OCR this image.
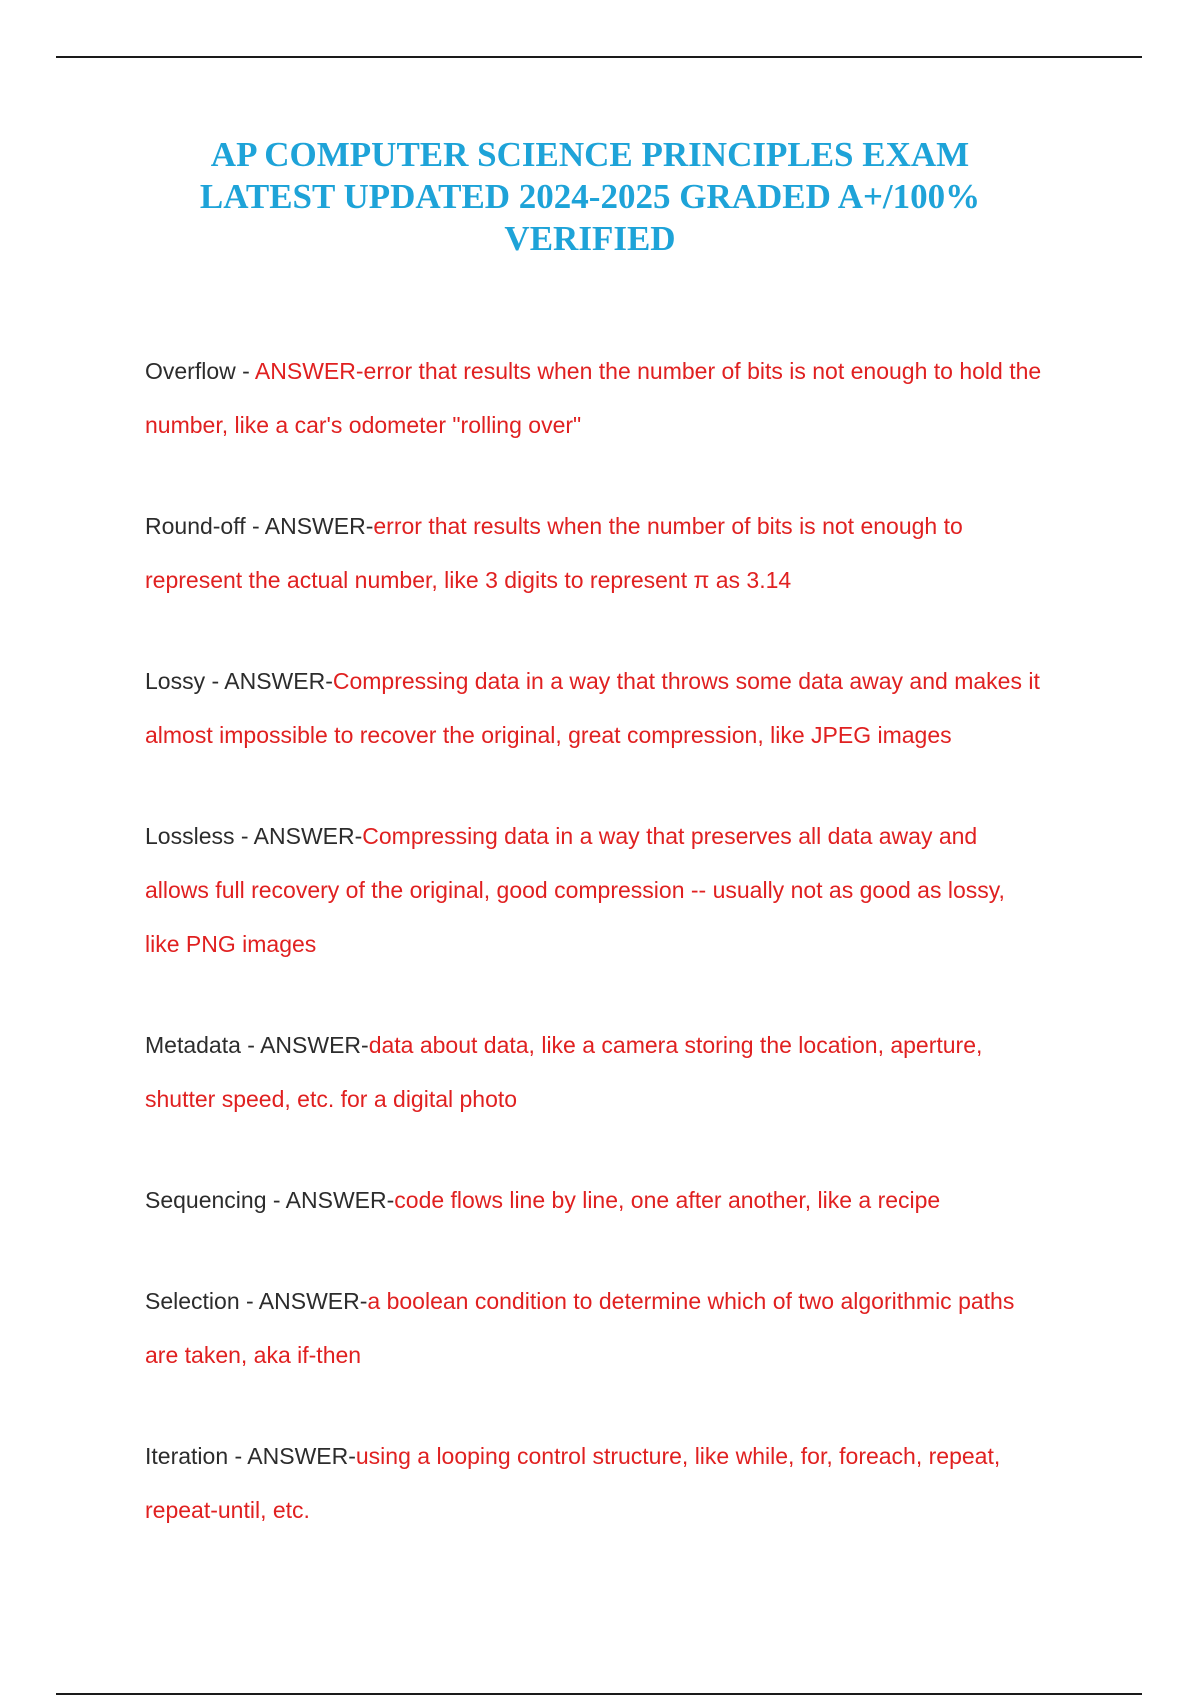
AP COMPUTER SCIENCE PRINCIPLES EXAM
LATEST UPDATED 2024-2025 GRADED A+/100%
VERIFIED
Overflow - ANSWER-error that results when the number of bits is not enough to hold the
number, like a car's odometer "rolling over"
Round-off - ANSWER-error that results when the number of bits is not enough to
represent the actual number, like 3 digits to represent π as 3.14
Lossy - ANSWER-Compressing data in a way that throws some data away and makes it
almost impossible to recover the original, great compression, like JPEG images
Lossless - ANSWER-Compressing data in a way that preserves all data away and
allows full recovery of the original, good compression -- usually not as good as lossy,
like PNG images
Metadata - ANSWER-data about data, like a camera storing the location, aperture,
shutter speed, etc. for a digital photo
Sequencing - ANSWER-code flows line by line, one after another, like a recipe
Selection - ANSWER-a boolean condition to determine which of two algorithmic paths
are taken, aka if-then
Iteration - ANSWER-using a looping control structure, like while, for, foreach, repeat,
repeat-until, etc.
